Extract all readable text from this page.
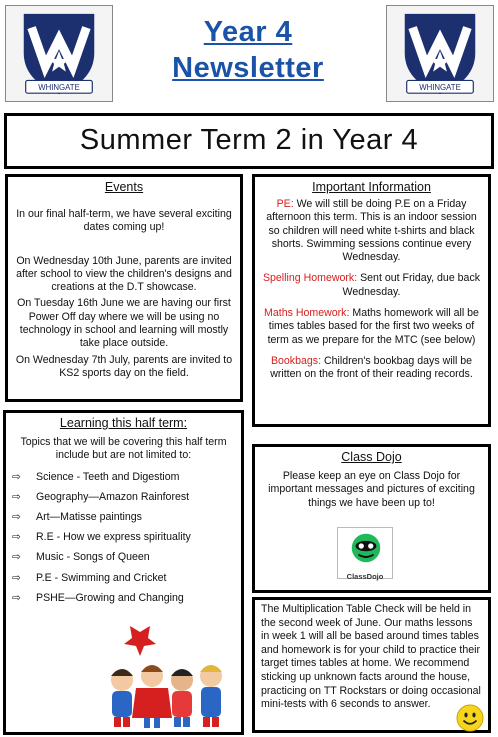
WHINGATE
Year 4
Newsletter
WHINGATE
Summer Term 2 in Year 4
Events

In our final half-term, we have several exciting dates coming up!

On Wednesday 10th June, parents are invited after school to view the children's designs and creations at the D.T showcase.

On Tuesday 16th June we are having our first Power Off day where we will be using no technology in school and learning will mostly take place outside.

On Wednesday 7th July, parents are invited to KS2 sports day on the field.

Important Information

PE: We will still be doing P.E on a Friday afternoon this term. This is an indoor session so children will need white t-shirts and black shorts. Swimming sessions continue every Wednesday.

Spelling Homework: Sent out Friday, due back Wednesday.

Maths Homework: Maths homework will all be times tables based for the first two weeks of term as we prepare for the MTC (see below)

Bookbags: Children's bookbag days will be written on the front of their reading records.

Learning this half term:

Topics that we will be covering this half term include but are not limited to:

⇨	Science - Teeth and Digestiom
⇨	Geography—Amazon Rainforest
⇨	Art—Matisse paintings
⇨	R.E - How we express spirituality
⇨	Music - Songs of Queen
⇨	P.E - Swimming and Cricket
⇨	PSHE—Growing and Changing
Class Dojo

Please keep an eye on Class Dojo for important messages and pictures of exciting things we have been up to!

ClassDojo

The Multiplication Table Check will be held in the second week of June. Our maths lessons in week 1 will all be based around times tables and homework is for your child to practice their target times tables at home. We recommend sticking up unknown facts around the house, practicing on TT Rockstars or doing occasional mini-tests with 6 seconds to answer.
